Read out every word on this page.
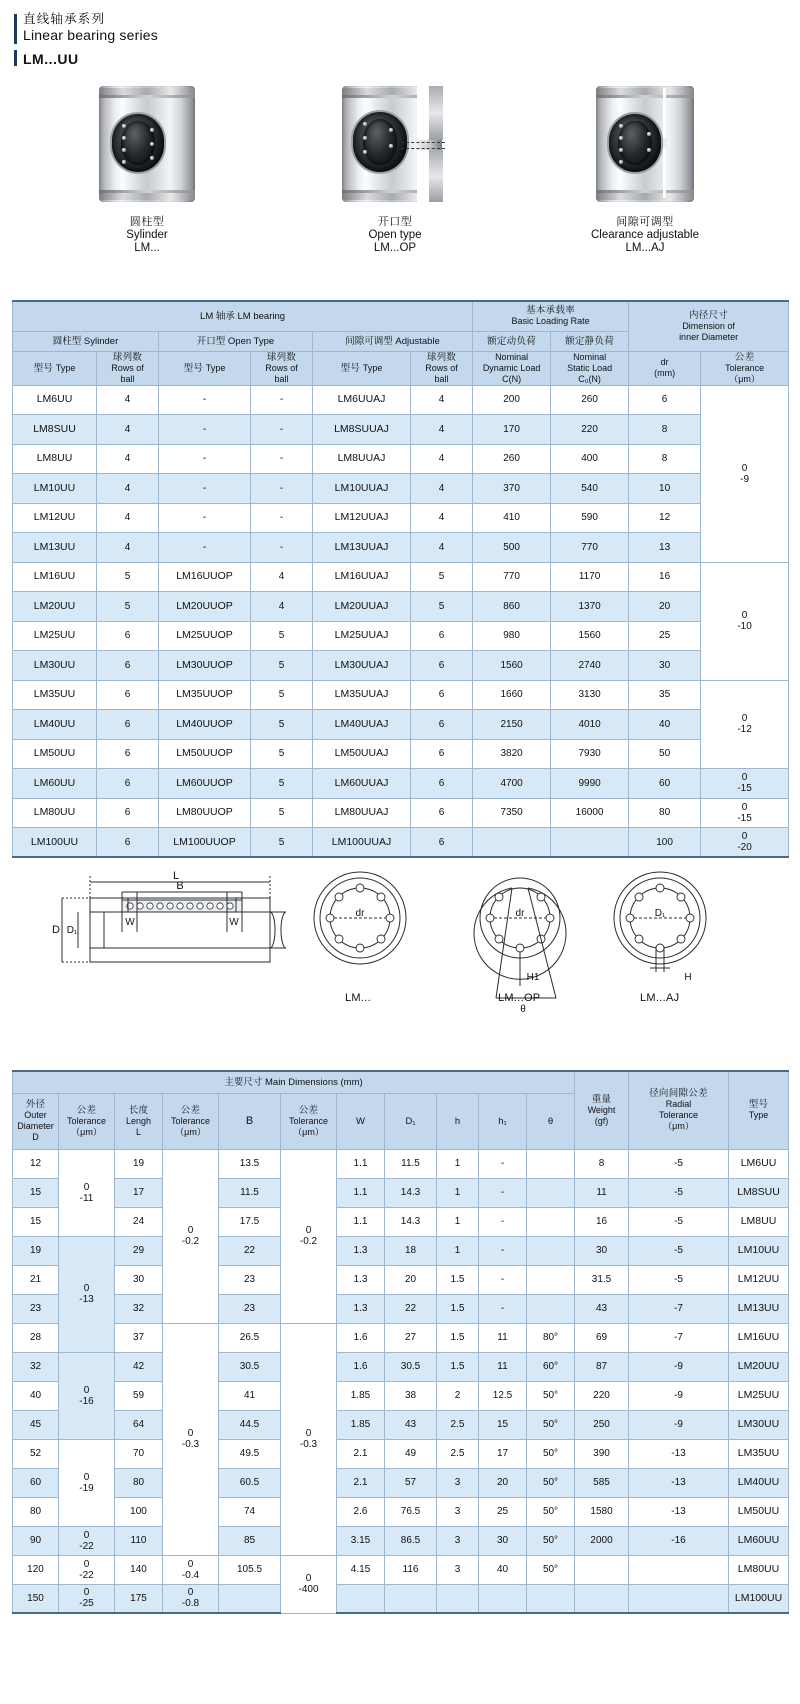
直线轴承系列
Linear bearing series
LM...UU
圆柱型
Sylinder
LM...
开口型
Open type
LM...OP
间隙可调型
Clearance adjustable
LM...AJ
LM 轴承 LM bearing						基本承载率
Basic Loading Rate		内径尺寸
Dimension of
inner Diameter	

圆柱型 Sylinder		开口型 Open Type		间隙可调型 Adjustable		额定动负荷	额定静负荷		

型号 Type	球列数
Rows of
ball	型号 Type	球列数
Rows of
ball	型号 Type	球列数
Rows of
ball	Nominal
Dynamic Load
C(N)	Nominal
Static Load
C₀(N)	dr
(mm)	公差
Tolerance
（μm）

LM6UU	4	-	-	LM6UUAJ	4	200	260	6	0
-9

LM8SUU	4	-	-	LM8SUUAJ	4	170	220	8	
LM8UU	4	-	-	LM8UUAJ	4	260	400	8	
LM10UU	4	-	-	LM10UUAJ	4	370	540	10	
LM12UU	4	-	-	LM12UUAJ	4	410	590	12	
LM13UU	4	-	-	LM13UUAJ	4	500	770	13	
LM16UU	5	LM16UUOP	4	LM16UUAJ	5	770	1170	16	0
-10

LM20UU	5	LM20UUOP	4	LM20UUAJ	5	860	1370	20	
LM25UU	6	LM25UUOP	5	LM25UUAJ	6	980	1560	25	
LM30UU	6	LM30UUOP	5	LM30UUAJ	6	1560	2740	30	
LM35UU	6	LM35UUOP	5	LM35UUAJ	6	1660	3130	35	0
-12

LM40UU	6	LM40UUOP	5	LM40UUAJ	6	2150	4010	40	
LM50UU	6	LM50UUOP	5	LM50UUAJ	6	3820	7930	50	
LM60UU	6	LM60UUOP	5	LM60UUAJ	6	4700	9990	60	0
-15

LM80UU	6	LM80UUOP	5	LM80UUAJ	6	7350	16000	80	0
-15

LM100UU	6	LM100UUOP	5	LM100UUAJ	6			100	0
-20
L
B
W	W
D D₁
dr	dr	D₁
H1
θ
H
LM...	LM...OP	LM...AJ
主要尺寸 Main Dimensions (mm)											重量
Weight
(gf)	径向间隙公差
Radial
Tolerance
（μm）	型号
Type

外径
Outer Diameter
D	公差
Tolerance
（μm）	长度
Lengh
L	公差
Tolerance
（μm）	B	公差
Tolerance
（μm）	W	D₁	h	h₁	θ			
12	0
-11	19	0
-0.2	13.5	0
-0.2	1.1	11.5	1	-		8	-5	LM6UU
15		17		11.5		1.1	14.3	1	-		11	-5	LM8SUU
15		24		17.5		1.1	14.3	1	-		16	-5	LM8UU
19	0
-13	29		22		1.3	18	1	-		30	-5	LM10UU
21		30		23		1.3	20	1.5	-		31.5	-5	LM12UU
23		32		23		1.3	22	1.5	-		43	-7	LM13UU
28		37	0
-0.3	26.5	0
-0.3	1.6	27	1.5	11	80°	69	-7	LM16UU
32	0
-16	42		30.5		1.6	30.5	1.5	11	60°	87	-9	LM20UU
40		59		41		1.85	38	2	12.5	50°	220	-9	LM25UU
45		64		44.5		1.85	43	2.5	15	50°	250	-9	LM30UU
52	0
-19	70		49.5		2.1	49	2.5	17	50°	390	-13	LM35UU
60		80		60.5		2.1	57	3	20	50°	585	-13	LM40UU
80		100		74		2.6	76.5	3	25	50°	1580	-13	LM50UU
90	0
-22	110		85		3.15	86.5	3	30	50°	2000	-16	LM60UU
120	0
-22	140	0
-0.4	105.5	0
-400	4.15	116	3	40	50°			LM80UU
150	0
-25	175	0
-0.8										LM100UU
